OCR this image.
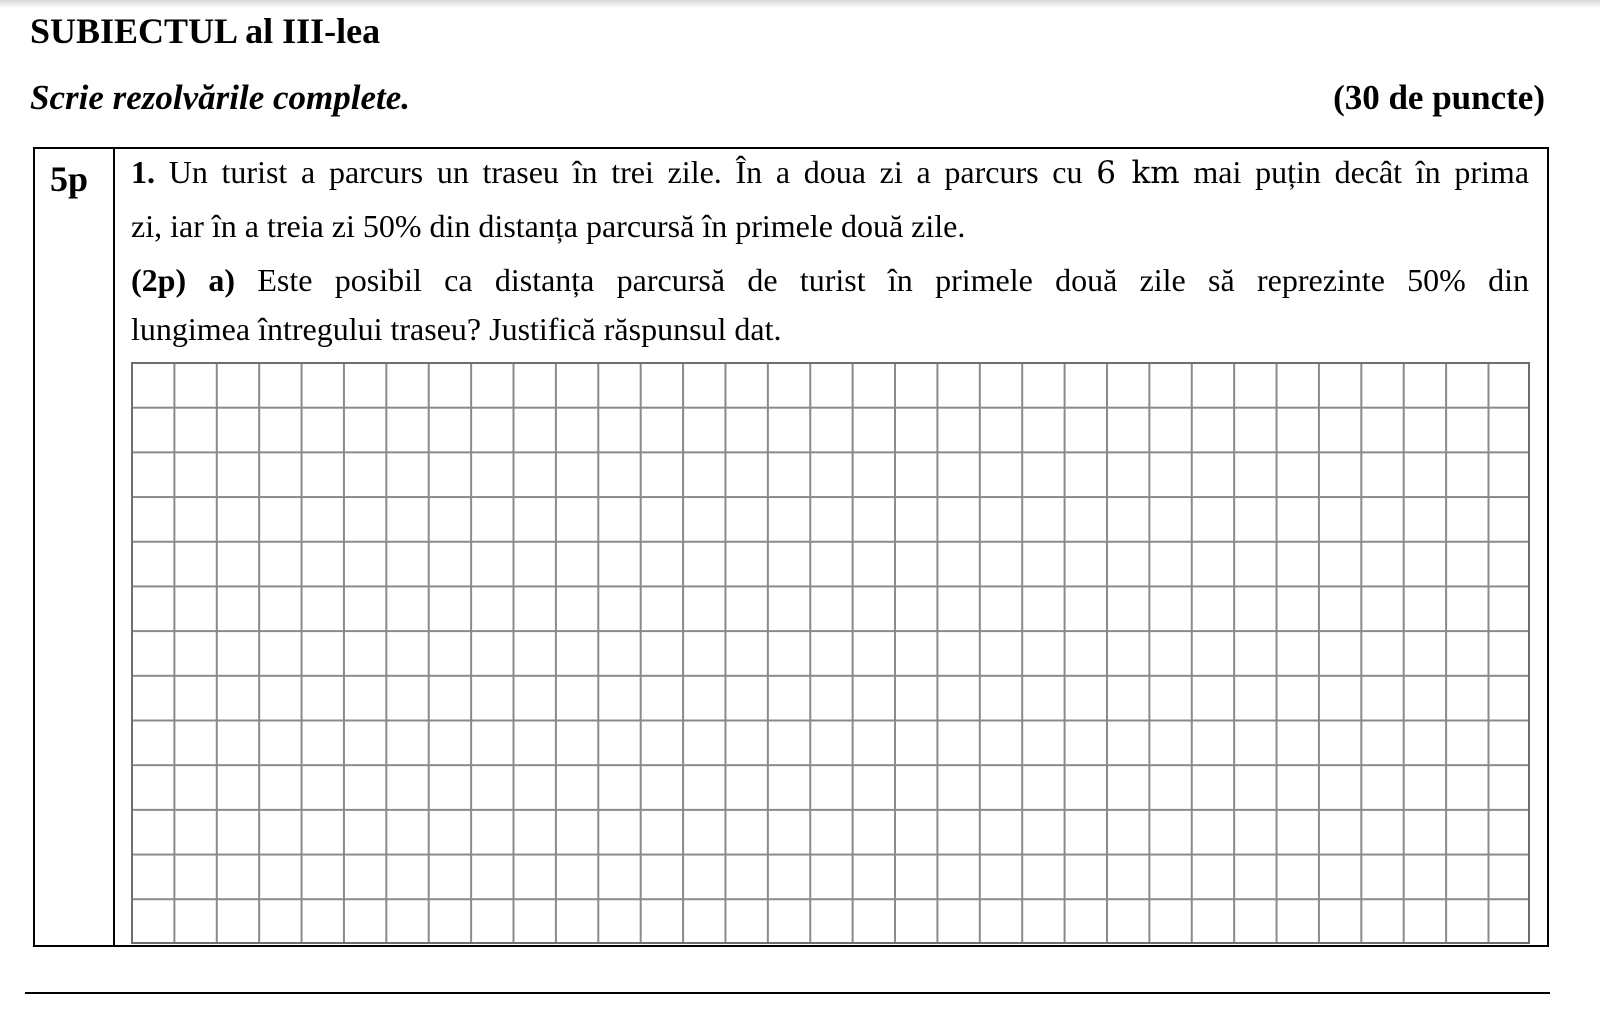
SUBIECTUL al III-lea
Scrie rezolvările complete.	(30 de puncte)
5p 1. Un turist a parcurs un traseu în trei zile. În a doua zi a parcurs cu 6 km mai puțin decât în prima
zi, iar în a treia zi 50% din distanța parcursă în primele două zile.
(2p) a) Este posibil ca distanța parcursă de turist în primele două zile să reprezinte 50% din
lungimea întregului traseu? Justifică răspunsul dat.
